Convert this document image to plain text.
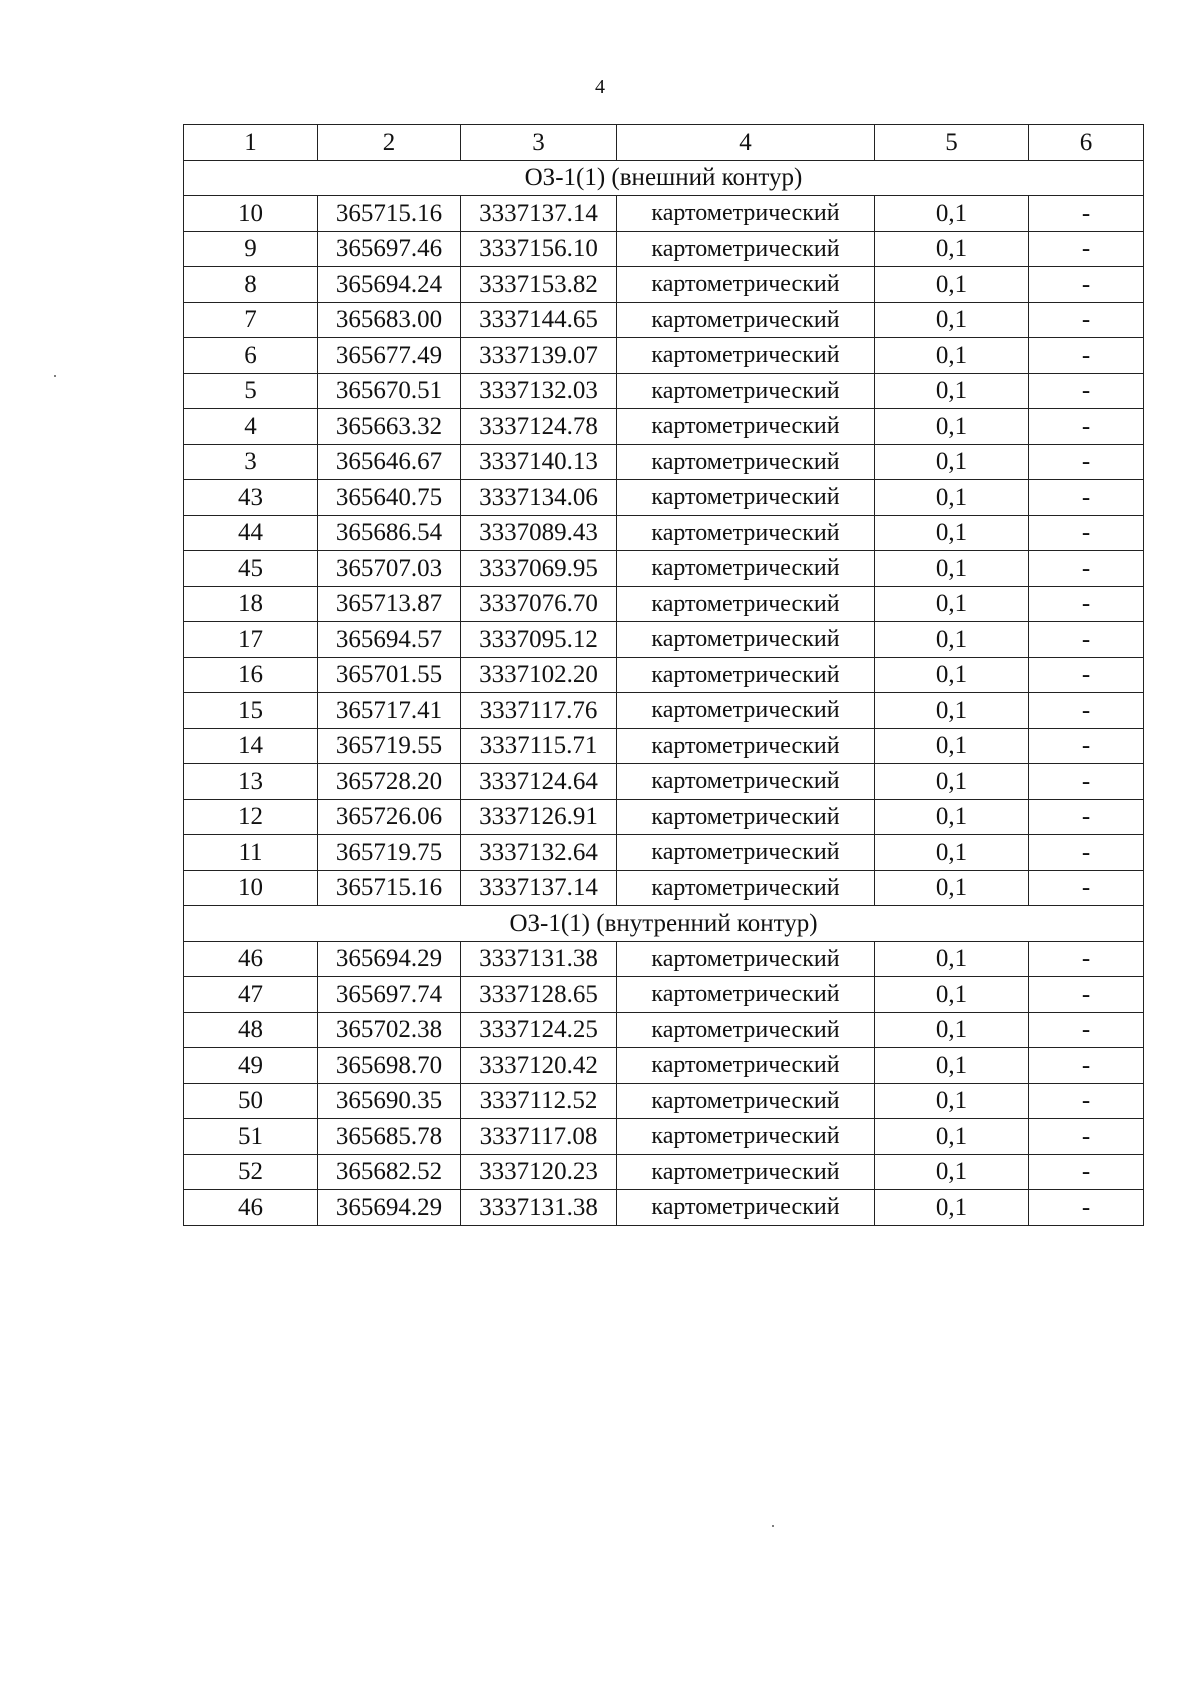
4
1	2	3	4	5	6
ОЗ-1(1) (внешний контур)					
10	365715.16	3337137.14	картометрический	0,1	-
9	365697.46	3337156.10	картометрический	0,1	-
8	365694.24	3337153.82	картометрический	0,1	-
7	365683.00	3337144.65	картометрический	0,1	-
6	365677.49	3337139.07	картометрический	0,1	-
5	365670.51	3337132.03	картометрический	0,1	-
4	365663.32	3337124.78	картометрический	0,1	-
3	365646.67	3337140.13	картометрический	0,1	-
43	365640.75	3337134.06	картометрический	0,1	-
44	365686.54	3337089.43	картометрический	0,1	-
45	365707.03	3337069.95	картометрический	0,1	-
18	365713.87	3337076.70	картометрический	0,1	-
17	365694.57	3337095.12	картометрический	0,1	-
16	365701.55	3337102.20	картометрический	0,1	-
15	365717.41	3337117.76	картометрический	0,1	-
14	365719.55	3337115.71	картометрический	0,1	-
13	365728.20	3337124.64	картометрический	0,1	-
12	365726.06	3337126.91	картометрический	0,1	-
11	365719.75	3337132.64	картометрический	0,1	-
10	365715.16	3337137.14	картометрический	0,1	-
ОЗ-1(1) (внутренний контур)					
46	365694.29	3337131.38	картометрический	0,1	-
47	365697.74	3337128.65	картометрический	0,1	-
48	365702.38	3337124.25	картометрический	0,1	-
49	365698.70	3337120.42	картометрический	0,1	-
50	365690.35	3337112.52	картометрический	0,1	-
51	365685.78	3337117.08	картометрический	0,1	-
52	365682.52	3337120.23	картометрический	0,1	-
46	365694.29	3337131.38	картометрический	0,1	-
